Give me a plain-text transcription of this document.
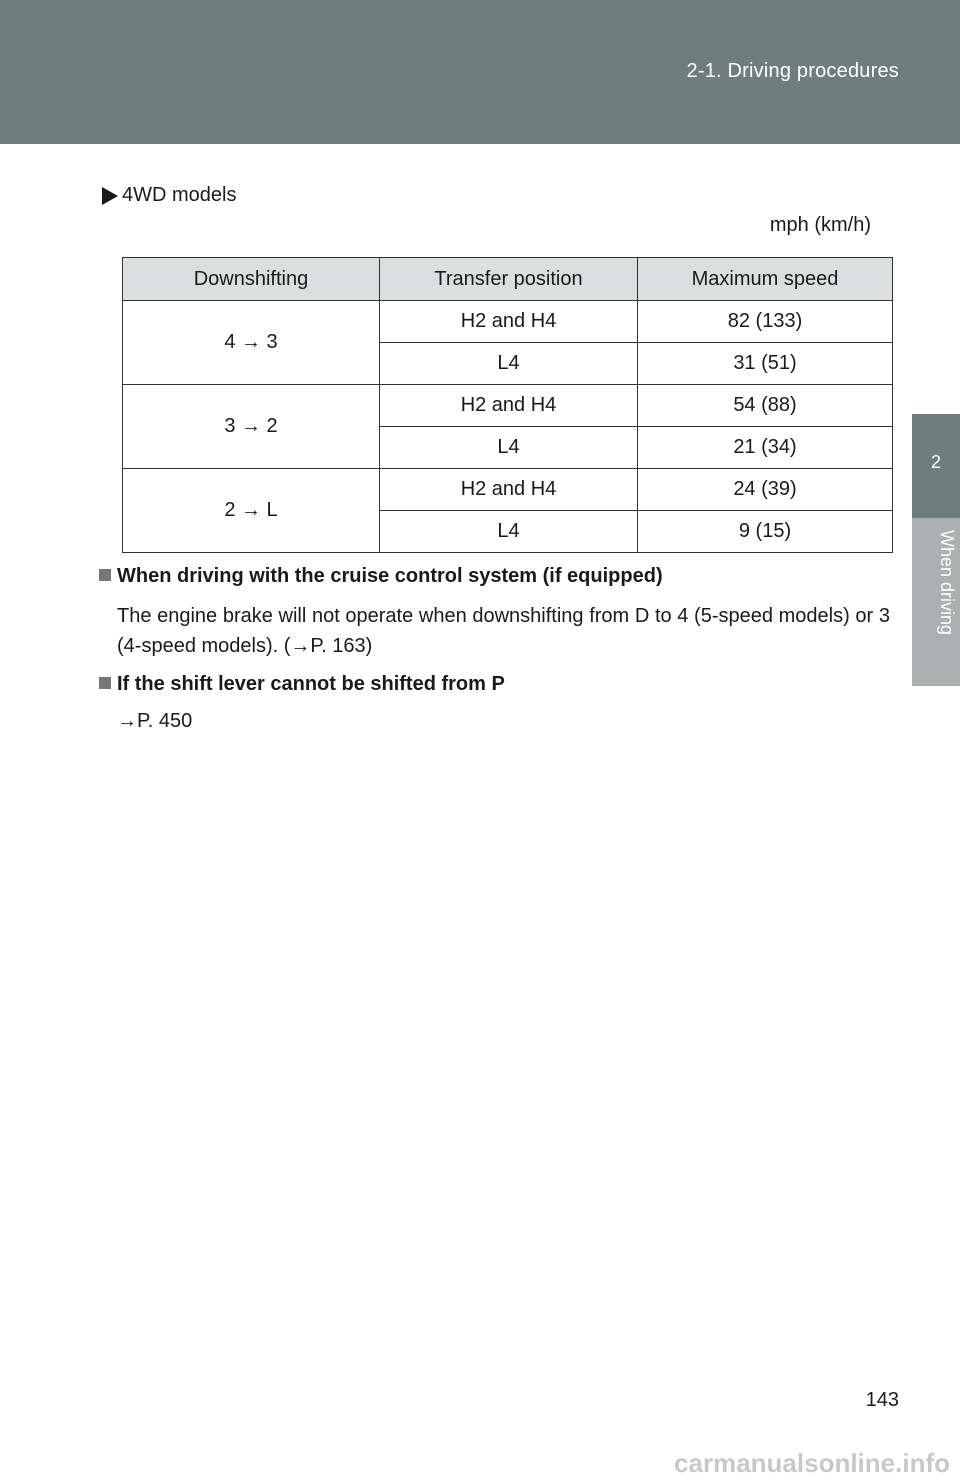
2-1. Driving procedures
2
When driving
4WD models
mph (km/h)
Downshifting	Transfer position	Maximum speed
4 → 3	H2 and H4	82 (133)
	L4	31 (51)
3 → 2	H2 and H4	54 (88)
	L4	21 (34)
2 → L	H2 and H4	24 (39)
	L4	9 (15)
When driving with the cruise control system (if equipped)
The engine brake will not operate when downshifting from D to 4 (5-speed models) or 3 (4-speed models). (→P. 163)
If the shift lever cannot be shifted from P
→P. 450
143
carmanualsonline.info
